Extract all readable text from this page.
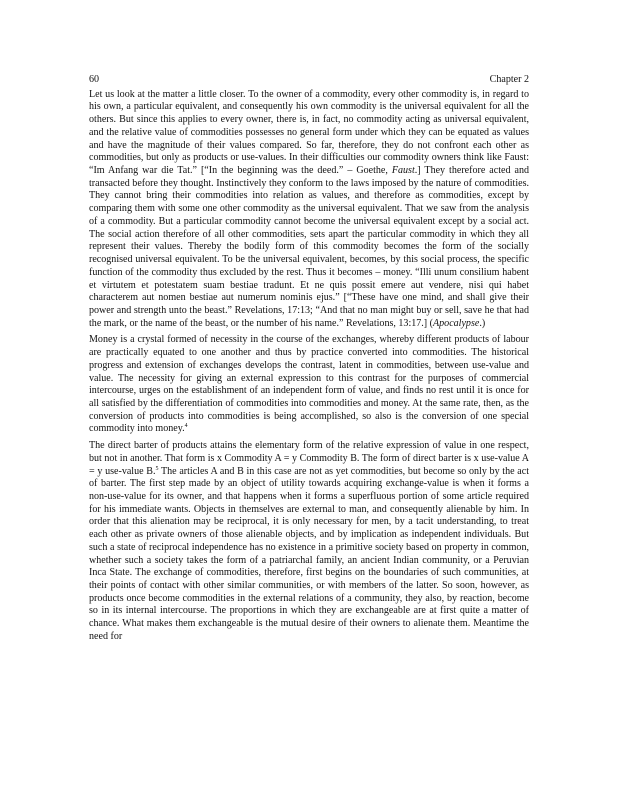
60	Chapter 2

Let us look at the matter a little closer. To the owner of a commodity, every other commodity is, in regard to his own, a particular equivalent, and consequently his own commodity is the universal equivalent for all the others. But since this applies to every owner, there is, in fact, no commodity acting as universal equivalent, and the relative value of commodities possesses no general form under which they can be equated as values and have the magnitude of their values compared. So far, therefore, they do not confront each other as commodities, but only as products or use-values. In their difficulties our commodity owners think like Faust: “Im Anfang war die Tat.” [“In the beginning was the deed.” – Goethe, Faust.] They therefore acted and transacted before they thought. Instinctively they conform to the laws imposed by the nature of commodities. They cannot bring their commodities into relation as values, and therefore as commodities, except by comparing them with some one other commodity as the universal equivalent. That we saw from the analysis of a commodity. But a particular commodity cannot become the universal equivalent except by a social act. The social action therefore of all other commodities, sets apart the particular commodity in which they all represent their values. Thereby the bodily form of this commodity becomes the form of the socially recognised universal equivalent. To be the universal equivalent, becomes, by this social process, the specific function of the commodity thus excluded by the rest. Thus it becomes – money. “Illi unum consilium habent et virtutem et potestatem suam bestiae tradunt. Et ne quis possit emere aut vendere, nisi qui habet characterem aut nomen bestiae aut numerum nominis ejus.” [“These have one mind, and shall give their power and strength unto the beast.” Revelations, 17:13; “And that no man might buy or sell, save he that had the mark, or the name of the beast, or the number of his name.” Revelations, 13:17.] (Apocalypse.)

Money is a crystal formed of necessity in the course of the exchanges, whereby different products of labour are practically equated to one another and thus by practice converted into commodities. The historical progress and extension of exchanges develops the contrast, latent in commodities, between use-value and value. The necessity for giving an external expression to this contrast for the purposes of commercial intercourse, urges on the establishment of an independent form of value, and finds no rest until it is once for all satisfied by the differentiation of commodities into commodities and money. At the same rate, then, as the conversion of products into commodities is being accomplished, so also is the conversion of one special commodity into money.$^4$

The direct barter of products attains the elementary form of the relative expression of value in one respect, but not in another. That form is x Commodity A = y Commodity B. The form of direct barter is x use-value A = y use-value B.$^5$ The articles A and B in this case are not as yet commodities, but become so only by the act of barter. The first step made by an object of utility towards acquiring exchange-value is when it forms a non-use-value for its owner, and that happens when it forms a superfluous portion of some article required for his immediate wants. Objects in themselves are external to man, and consequently alienable by him. In order that this alienation may be reciprocal, it is only necessary for men, by a tacit understanding, to treat each other as private owners of those alienable objects, and by implication as independent individuals. But such a state of reciprocal independence has no existence in a primitive society based on property in common, whether such a society takes the form of a patriarchal family, an ancient Indian community, or a Peruvian Inca State. The exchange of commodities, therefore, first begins on the boundaries of such communities, at their points of contact with other similar communities, or with members of the latter. So soon, however, as products once become commodities in the external relations of a community, they also, by reaction, become so in its internal intercourse. The proportions in which they are exchangeable are at first quite a matter of chance. What makes them exchangeable is the mutual desire of their owners to alienate them. Meantime the need for
